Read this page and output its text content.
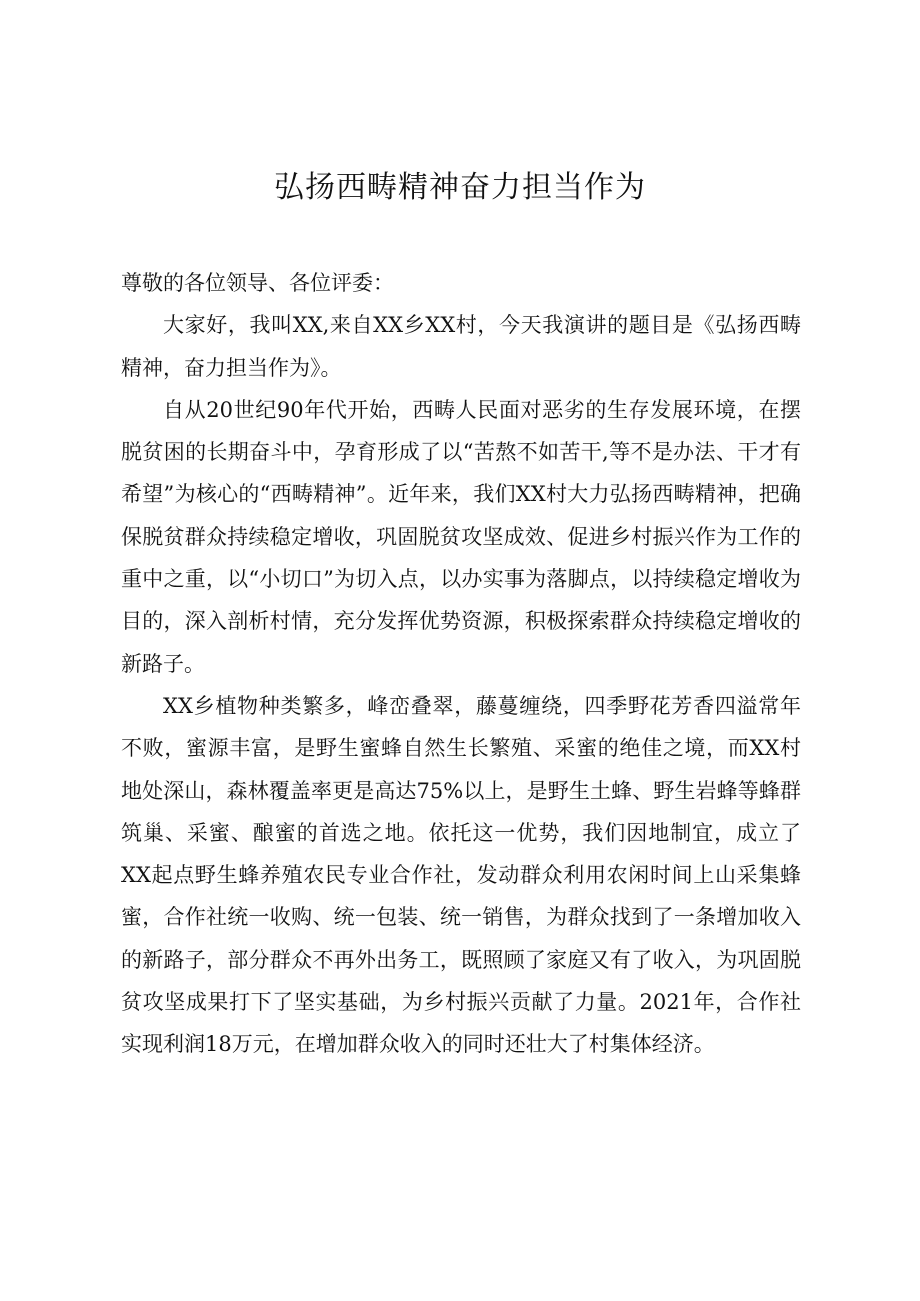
弘扬西畴精神奋力担当作为

尊敬的各位领导、各位评委：

大家好，我叫XX,来自XX乡XX村，今天我演讲的题目是《弘扬西畴精神，奋力担当作为》。

自从20世纪90年代开始，西畴人民面对恶劣的生存发展环境，在摆脱贫困的长期奋斗中，孕育形成了以“苦熬不如苦干,等不是办法、干才有希望”为核心的“西畴精神”。近年来，我们XX村大力弘扬西畴精神，把确保脱贫群众持续稳定增收，巩固脱贫攻坚成效、促进乡村振兴作为工作的重中之重，以“小切口”为切入点，以办实事为落脚点，以持续稳定增收为目的，深入剖析村情，充分发挥优势资源，积极探索群众持续稳定增收的新路子。

XX乡植物种类繁多，峰峦叠翠，藤蔓缠绕，四季野花芳香四溢常年不败，蜜源丰富，是野生蜜蜂自然生长繁殖、采蜜的绝佳之境，而XX村地处深山，森林覆盖率更是高达75%以上，是野生土蜂、野生岩蜂等蜂群筑巢、采蜜、酿蜜的首选之地。依托这一优势，我们因地制宜，成立了XX起点野生蜂养殖农民专业合作社，发动群众利用农闲时间上山采集蜂蜜，合作社统一收购、统一包装、统一销售，为群众找到了一条增加收入的新路子，部分群众不再外出务工，既照顾了家庭又有了收入，为巩固脱贫攻坚成果打下了坚实基础，为乡村振兴贡献了力量。2021年，合作社实现利润18万元，在增加群众收入的同时还壮大了村集体经济。
